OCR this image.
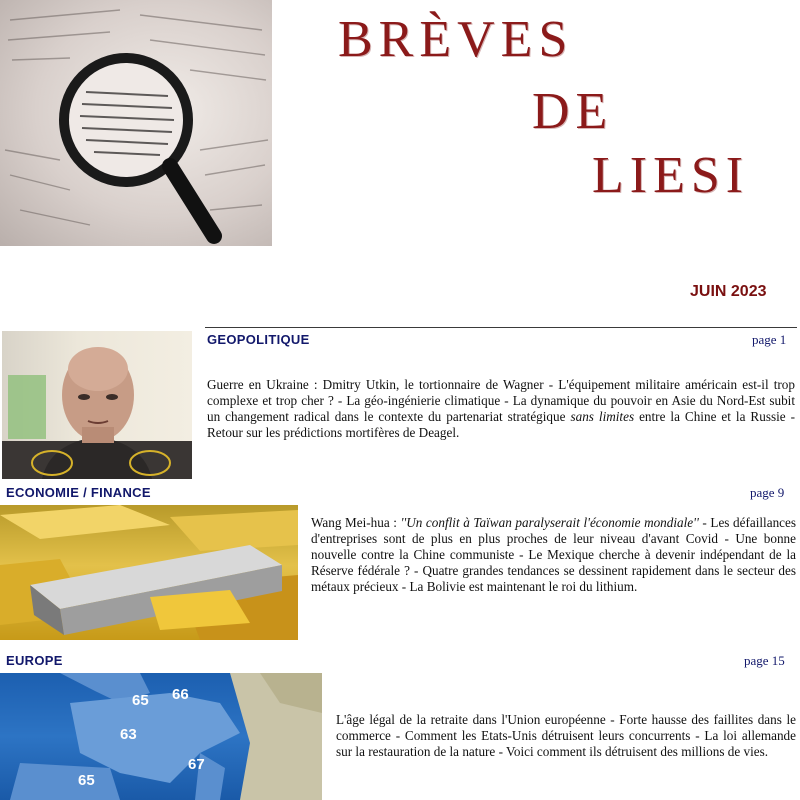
BRÈVES
DE
LIESI
JUIN 2023
GEOPOLITIQUE	page 1
Guerre en Ukraine : Dmitry Utkin, le tortionnaire de Wagner - L'équipement militaire américain est-il trop complexe et trop cher ? - La géo-ingénierie climatique - La dynamique du pouvoir en Asie du Nord-Est subit un changement radical dans le contexte du partenariat stratégique sans limites entre la Chine et la Russie - Retour sur les prédictions mortifères de Deagel.
ECONOMIE / FINANCE	page 9
Wang Mei-hua : ''Un conflit à Taïwan paralyserait l'économie mondiale'' - Les défaillances d'entreprises sont de plus en plus proches de leur niveau d'avant Covid - Une bonne nouvelle contre la Chine communiste - Le Mexique cherche à devenir indépendant de la Réserve fédérale ? - Quatre grandes tendances se dessinent rapidement dans le secteur des métaux précieux - La Bolivie est maintenant le roi du lithium.
EUROPE	page 15
65 66
63
65
67
L'âge légal de la retraite dans l'Union européenne - Forte hausse des faillites dans le commerce - Comment les Etats-Unis détruisent leurs concurrents - La loi allemande sur la restauration de la nature - Voici comment ils détruisent des millions de vies.
